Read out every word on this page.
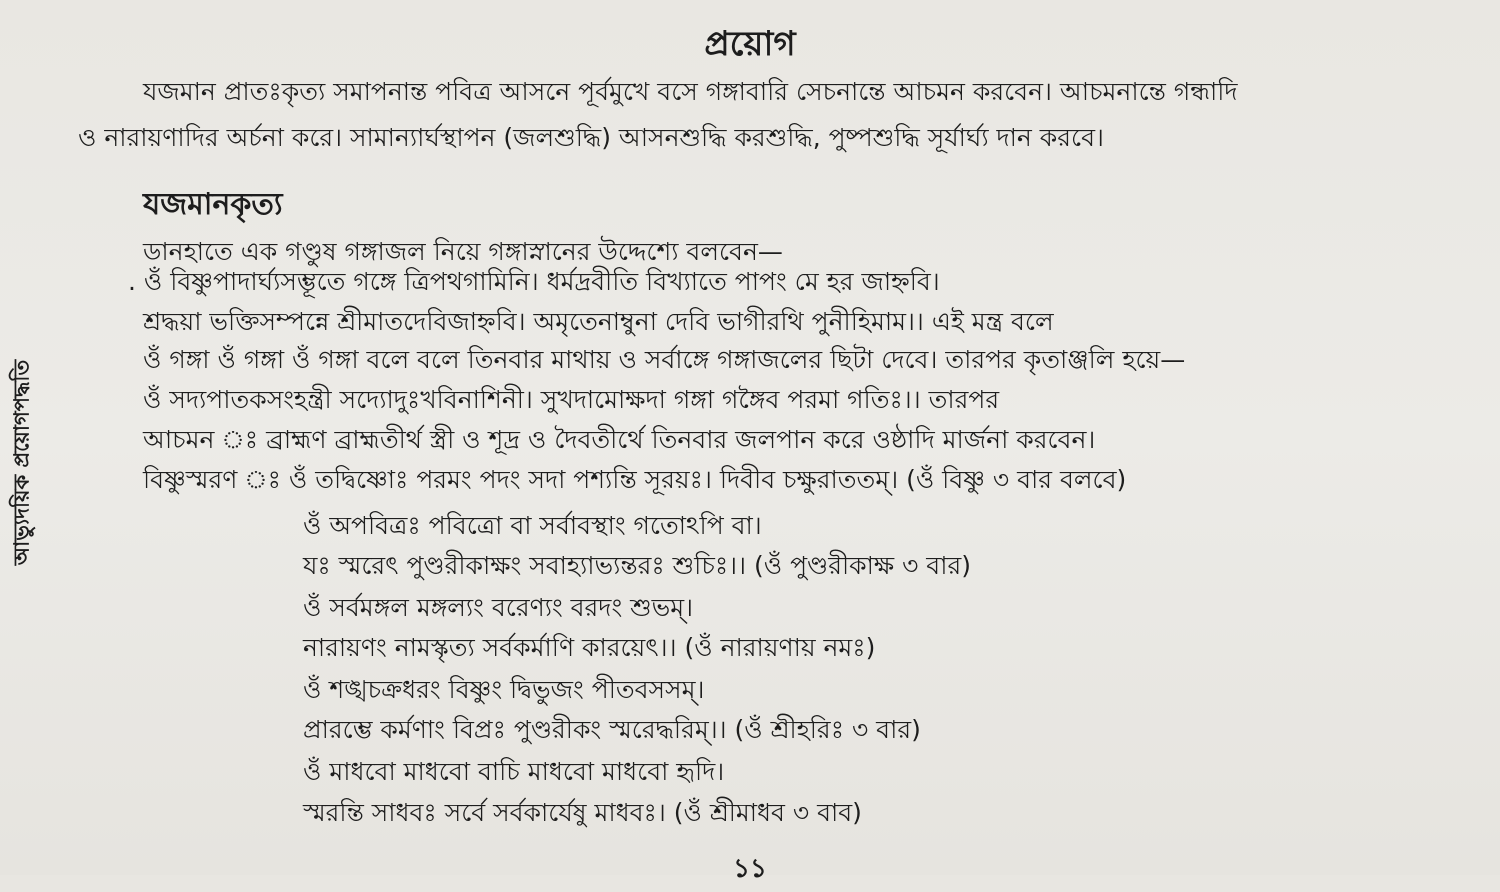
প্রয়োগ
যজমান প্রাতঃকৃত্য সমাপনান্ত পবিত্র আসনে পূর্বমুখে বসে গঙ্গাবারি সেচনান্তে আচমন করবেন। আচমনান্তে গন্ধাদি
ও নারায়ণাদির অর্চনা করে। সামান্যার্ঘস্থাপন (জলশুদ্ধি) আসনশুদ্ধি করশুদ্ধি, পুষ্পশুদ্ধি সূর্যার্ঘ্য দান করবে।
যজমানকৃত্য
ডানহাতে এক গণ্ডুষ গঙ্গাজল নিয়ে গঙ্গাস্নানের উদ্দেশ্যে বলবেন—
. ওঁ বিষ্ণুপাদার্ঘ্যসম্ভূতে গঙ্গে ত্রিপথগামিনি। ধর্মদ্রবীতি বিখ্যাতে পাপং মে হর জাহ্নবি।
শ্রদ্ধয়া ভক্তিসম্পন্নে শ্রীমাতদেবিজাহ্নবি। অমৃতেনাম্বুনা দেবি ভাগীরথি পুনীহিমাম।। এই মন্ত্র বলে
ওঁ গঙ্গা ওঁ গঙ্গা ওঁ গঙ্গা বলে বলে তিনবার মাথায় ও সর্বাঙ্গে গঙ্গাজলের ছিটা দেবে। তারপর কৃতাঞ্জলি হয়ে—
ওঁ সদ্যপাতকসংহন্ত্রী সদ্যোদুঃখবিনাশিনী। সুখদামোক্ষদা গঙ্গা গঙ্গৈব পরমা গতিঃ।। তারপর
আচমন ঃ ব্রাহ্মণ ব্রাহ্মতীর্থ স্ত্রী ও শূদ্র ও দৈবতীর্থে তিনবার জলপান করে ওষ্ঠাদি মার্জনা করবেন।
বিষ্ণুস্মরণ ঃ ওঁ তদ্বিষ্ণোঃ পরমং পদং সদা পশ্যন্তি সূরয়ঃ। দিবীব চক্ষুরাততম্। (ওঁ বিষ্ণু ৩ বার বলবে)
ওঁ অপবিত্রঃ পবিত্রো বা সর্বাবস্থাং গতোঽপি বা।
যঃ স্মরেৎ পুণ্ডরীকাক্ষং সবাহ্যাভ্যন্তরঃ শুচিঃ।। (ওঁ পুণ্ডরীকাক্ষ ৩ বার)
ওঁ সর্বমঙ্গল মঙ্গল্যং বরেণ্যং বরদং শুভম্।
নারায়ণং নামস্কৃত্য সর্বকর্মাণি কারয়েৎ।। (ওঁ নারায়ণায় নমঃ)
ওঁ শঙ্খচক্রধরং বিষ্ণুং দ্বিভুজং পীতবসসম্।
প্রারম্ভে কর্মণাং বিপ্রঃ পুণ্ডরীকং স্মরেদ্ধরিম্।। (ওঁ শ্রীহরিঃ ৩ বার)
ওঁ মাধবো মাধবো বাচি মাধবো মাধবো হৃদি।
স্মরন্তি সাধবঃ সর্বে সর্বকার্যেষু মাধবঃ। (ওঁ শ্রীমাধব ৩ বাব)
আভ্যুদয়িক প্রয়োগপদ্ধতি
১১
